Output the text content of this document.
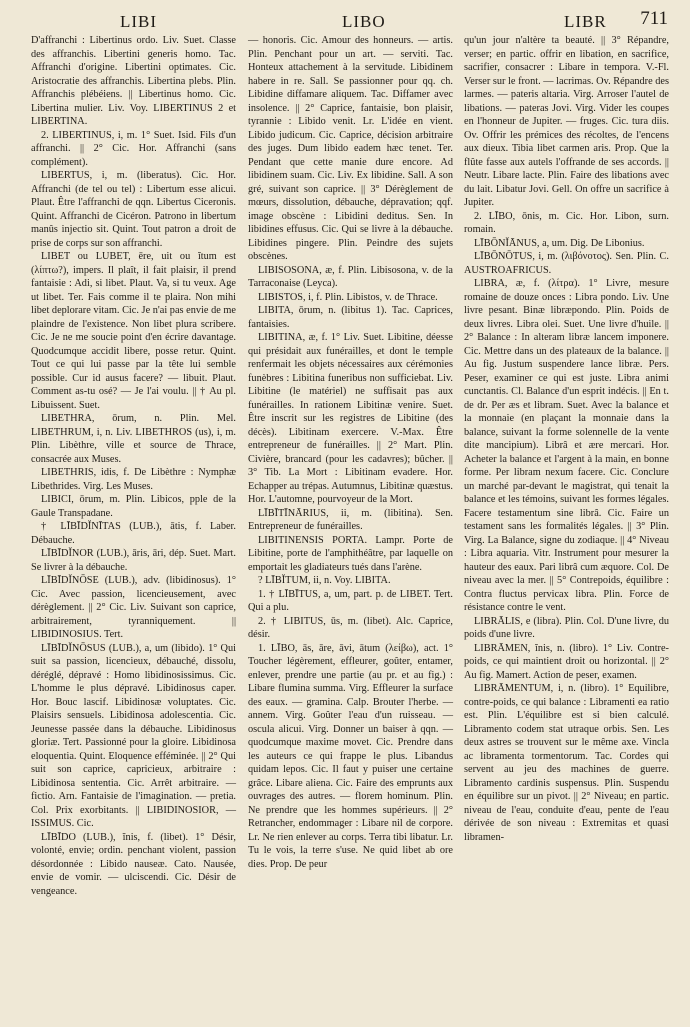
LIBI	LIBO	LIBR 711

D'affranchi : Libertinus ordo. Liv. Suet. Classe des affranchis. Libertini generis homo. Tac. Affranchi d'origine. Libertini optimates. Cic. Aristocratie des affranchis. Libertina plebs. Plin. Affranchis plébéiens. || Libertinus homo. Cic. Libertina mulier. Liv. Voy. LIBERTINUS 2 et LIBERTINA.

2. LIBERTINUS, i, m. 1° Suet. Isid. Fils d'un affranchi. || 2° Cic. Hor. Affranchi (sans complément).

LIBERTUS, i, m. (liberatus). Cic. Hor. Affranchi (de tel ou tel) : Libertum esse alicui. Plaut. Être l'affranchi de qqn. Libertus Ciceronis. Quint. Affranchi de Cicéron. Patrono in libertum manûs injectio sit. Quint. Tout patron a droit de prise de corps sur son affranchi.

LIBET ou LUBET, ēre, uit ou ĭtum est (λίπτω?), impers. Il plaît, il fait plaisir, il prend fantaisie : Adi, si libet. Plaut. Va, si tu veux. Age ut libet. Ter. Fais comme il te plaira. Non mihi libet deplorare vitam. Cic. Je n'ai pas envie de me plaindre de l'existence. Non libet plura scribere. Cic. Je ne me soucie point d'en écrire davantage. Quodcumque accidit libere, posse retur. Quint. Tout ce qui lui passe par la tête lui semble possible. Cur id ausus facere? — libuit. Plaut. Comment as-tu osé? — Je l'ai voulu. || † Au pl. Libuissent. Suet.

LIBETHRA, ōrum, n. Plin. Mel. LIBETHRUM, i, n. Liv. LIBETHROS (us), i, m. Plin. Libèthre, ville et source de Thrace, consacrée aux Muses.

LIBETHRIS, idis, f. De Libèthre : Nymphæ Libethrides. Virg. Les Muses.

LIBICI, ōrum, m. Plin. Libicos, pple de la Gaule Transpadane.

† LĪBĪDĬNĪTAS (LUB.), ātis, f. Laber. Débauche.

LĪBĪDĬNOR (LUB.), āris, āri, dép. Suet. Mart. Se livrer à la débauche.

LĪBĪDĬNŌSE (LUB.), adv. (libidinosus). 1° Cic. Avec passion, licencieusement, avec dérèglement. || 2° Cic. Liv. Suivant son caprice, arbitrairement, tyranniquement. || LIBIDINOSIUS. Tert.

LĪBĪDĬNŌSUS (LUB.), a, um (libido). 1° Qui suit sa passion, licencieux, débauché, dissolu, déréglé, dépravé : Homo libidinosissimus. Cic. L'homme le plus dépravé. Libidinosus caper. Hor. Bouc lascif. Libidinosæ voluptates. Cic. Plaisirs sensuels. Libidinosa adolescentia. Cic. Jeunesse passée dans la débauche. Libidinosus gloriæ. Tert. Passionné pour la gloire. Libidinosa eloquentia. Quint. Eloquence efféminée. || 2° Qui suit son caprice, capricieux, arbitraire : Libidinosa sententia. Cic. Arrêt arbitraire. — fictio. Arn. Fantaisie de l'imagination. — pretia. Col. Prix exorbitants. || LIBIDINOSIOR, — ISSIMUS. Cic.

LĪBĪDO (LUB.), ĭnis, f. (libet). 1° Désir, volonté, envie; ordin. penchant violent, passion désordonnée : Libido nauseæ. Cato. Nausée, envie de vomir. — ulciscendi. Cic. Désir de vengeance.

— honoris. Cic. Amour des honneurs. — artis. Plin. Penchant pour un art. — serviti. Tac. Honteux attachement à la servitude. Libidinem habere in re. Sall. Se passionner pour qq. ch. Libidine diffamare aliquem. Tac. Diffamer avec insolence. || 2° Caprice, fantaisie, bon plaisir, tyrannie : Libido venit. Lr. L'idée en vient. Libido judicum. Cic. Caprice, décision arbitraire des juges. Dum libido eadem hæc tenet. Ter. Pendant que cette manie dure encore. Ad libidinem suam. Cic. Liv. Ex libidine. Sall. A son gré, suivant son caprice. || 3° Dérèglement de mœurs, dissolution, débauche, dépravation; qqf. image obscène : Libidini deditus. Sen. In libidines effusus. Cic. Qui se livre à la débauche. Libidines pingere. Plin. Peindre des sujets obscènes.

LIBISOSONA, æ, f. Plin. Libisosona, v. de la Tarraconaise (Leyca).

LIBISTOS, i, f. Plin. Libistos, v. de Thrace.

LIBITA, ōrum, n. (libitus 1). Tac. Caprices, fantaisies.

LIBITINA, æ, f. 1° Liv. Suet. Libitine, déesse qui présidait aux funérailles, et dont le temple renfermait les objets nécessaires aux cérémonies funèbres : Libitina funeribus non sufficiebat. Liv. Libitine (le matériel) ne suffisait pas aux funérailles. In rationem Libitinæ venire. Suet. Être inscrit sur les registres de Libitine (des décès). Libitinam exercere. V.-Max. Être entrepreneur de funérailles. || 2° Mart. Plin. Civière, brancard (pour les cadavres); bûcher. || 3° Tib. La Mort : Libitinam evadere. Hor. Echapper au trépas. Autumnus, Libitinæ quæstus. Hor. L'automne, pourvoyeur de la Mort.

LĪBĪTĪNĀRIUS, ii, m. (libitina). Sen. Entrepreneur de funérailles.

LIBITINENSIS PORTA. Lampr. Porte de Libitine, porte de l'amphithéâtre, par laquelle on emportait les gladiateurs tués dans l'arène.

? LĪBĬTUM, ii, n. Voy. LIBITA.

1. † LĪBĪTUS, a, um, part. p. de LIBET. Tert. Qui a plu.

2. † LIBITUS, ūs, m. (libet). Alc. Caprice, désir.

1. LĪBO, ās, āre, āvi, ātum (λείβω), act. 1° Toucher légèrement, effleurer, goûter, entamer, enlever, prendre une partie (au pr. et au fig.) : Libare flumina summa. Virg. Effleurer la surface des eaux. — gramina. Calp. Brouter l'herbe. — annem. Virg. Goûter l'eau d'un ruisseau. — oscula alicui. Virg. Donner un baiser à qqn. — quodcumque maxime movet. Cic. Prendre dans les auteurs ce qui frappe le plus. Libandus quidam lepos. Cic. Il faut y puiser une certaine grâce. Libare aliena. Cic. Faire des emprunts aux ouvrages des autres. — florem hominum. Plin. Ne prendre que les hommes supérieurs. || 2° Retrancher, endommager : Libare nil de corpore. Lr. Ne rien enlever au corps. Terra tibi libatur. Lr. Tu le vois, la terre s'use. Ne quid libet ab ore dies. Prop. De peur

qu'un jour n'altère ta beauté. || 3° Répandre, verser; en partic. offrir en libation, en sacrifice, sacrifier, consacrer : Libare in tempora. V.-Fl. Verser sur le front. — lacrimas. Ov. Répandre des larmes. — pateris altaria. Virg. Arroser l'autel de libations. — pateras Jovi. Virg. Vider les coupes en l'honneur de Jupiter. — fruges. Cic. tura diis. Ov. Offrir les prémices des récoltes, de l'encens aux dieux. Tibia libet carmen aris. Prop. Que la flûte fasse aux autels l'offrande de ses accords. || Neutr. Libare lacte. Plin. Faire des libations avec du lait. Libatur Jovi. Gell. On offre un sacrifice à Jupiter.

2. LĪBO, ōnis, m. Cic. Hor. Libon, surn. romain.

LĪBŌNĬĀNUS, a, um. Dig. De Libonius.

LĪBŌNŌTUS, i, m. (λιβόνοτος). Sen. Plin. C. AUSTROAFRICUS.

LIBRA, æ, f. (λίτρα). 1° Livre, mesure romaine de douze onces : Libra pondo. Liv. Une livre pesant. Binæ libræpondo. Plin. Poids de deux livres. Libra olei. Suet. Une livre d'huile. || 2° Balance : In alteram libræ lancem imponere. Cic. Mettre dans un des plateaux de la balance. || Au fig. Justum suspendere lance libræ. Pers. Peser, examiner ce qui est juste. Libra animi cunctantis. Cl. Balance d'un esprit indécis. || En t. de dr. Per æs et libram. Suet. Avec la balance et la monnaie (en plaçant la monnaie dans la balance, suivant la forme solennelle de la vente dite mancipium). Librâ et ære mercari. Hor. Acheter la balance et l'argent à la main, en bonne forme. Per libram nexum facere. Cic. Conclure un marché par-devant le magistrat, qui tenait la balance et les témoins, suivant les formes légales. Facere testamentum sine librâ. Cic. Faire un testament sans les formalités légales. || 3° Plin. Virg. La Balance, signe du zodiaque. || 4° Niveau : Libra aquaria. Vitr. Instrument pour mesurer la hauteur des eaux. Pari librâ cum æquore. Col. De niveau avec la mer. || 5° Contrepoids, équilibre : Contra fluctus pervicax libra. Plin. Force de résistance contre le vent.

LIBRĀLIS, e (libra). Plin. Col. D'une livre, du poids d'une livre.

LIBRĀMEN, ĭnis, n. (libro). 1° Liv. Contre-poids, ce qui maintient droit ou horizontal. || 2° Au fig. Mamert. Action de peser, examen.

LIBRĀMENTUM, i, n. (libro). 1° Equilibre, contre-poids, ce qui balance : Libramenti ea ratio est. Plin. L'équilibre est si bien calculé. Libramento codem stat utraque orbis. Sen. Les deux astres se trouvent sur le même axe. Vincla ac libramenta tormentorum. Tac. Cordes qui servent au jeu des machines de guerre. Libramento cardinis suspensus. Plin. Suspendu en équilibre sur un pivot. || 2° Niveau; en partic. niveau de l'eau, conduite d'eau, pente de l'eau dérivée de son niveau : Extremitas et quasi libramen-
